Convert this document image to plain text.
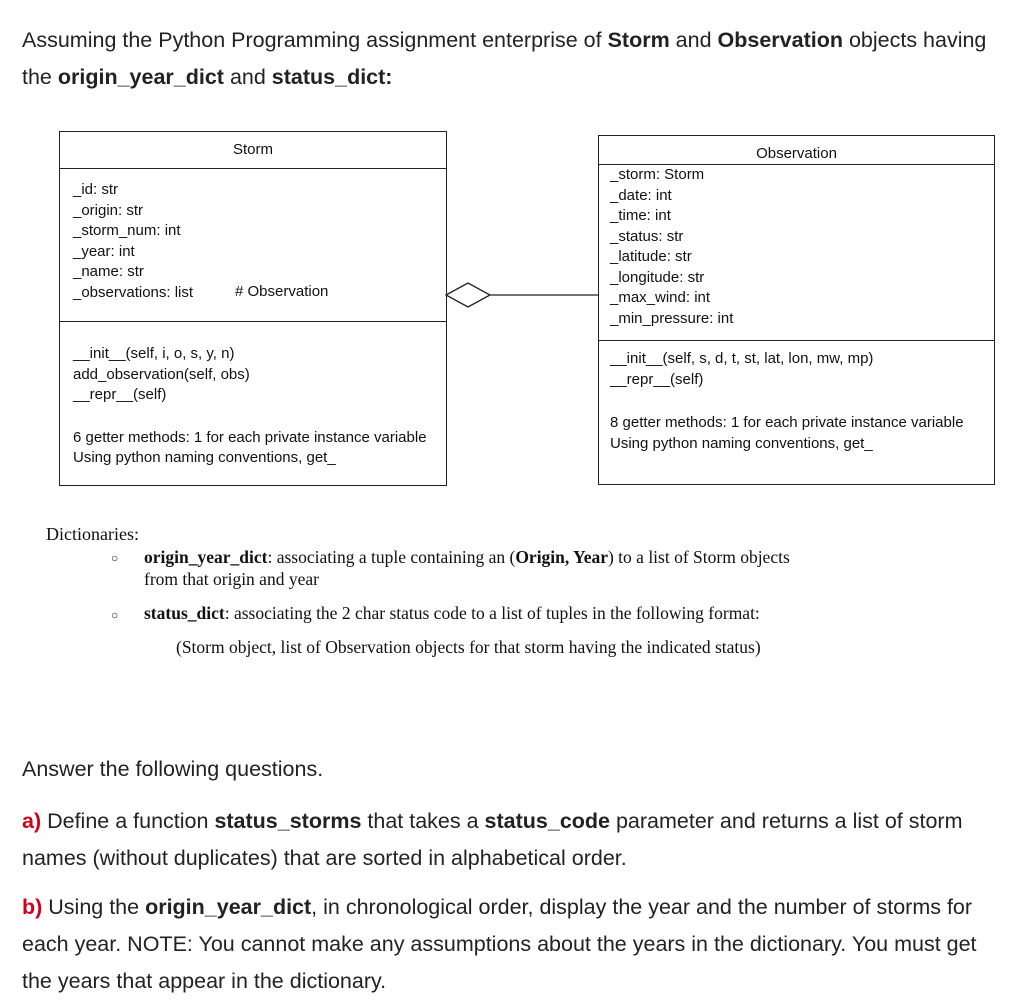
Assuming the Python Programming assignment enterprise of Storm and Observation objects having the origin_year_dict and status_dict:
Storm
_id: str
_origin: str
_storm_num: int
_year: int
_name: str
_observations: list	# Observation
__init__(self, i, o, s, y, n)
add_observation(self, obs)
__repr__(self)
6 getter methods: 1 for each private instance variable
Using python naming conventions, get_
Observation
_storm: Storm
_date: int
_time: int
_status: str
_latitude: str
_longitude: str
_max_wind: int
_min_pressure: int
__init__(self, s, d, t, st, lat, lon, mw, mp)
__repr__(self)
8 getter methods: 1 for each private instance variable
Using python naming conventions, get_
Dictionaries:
○ origin_year_dict: associating a tuple containing an (Origin, Year) to a list of Storm objects
from that origin and year
○ status_dict: associating the 2 char status code to a list of tuples in the following format:
(Storm object, list of Observation objects for that storm having the indicated status)
Answer the following questions.
a) Define a function status_storms that takes a status_code parameter and returns a list of storm names (without duplicates) that are sorted in alphabetical order.
b) Using the origin_year_dict, in chronological order, display the year and the number of storms for each year. NOTE: You cannot make any assumptions about the years in the dictionary. You must get the years that appear in the dictionary.
